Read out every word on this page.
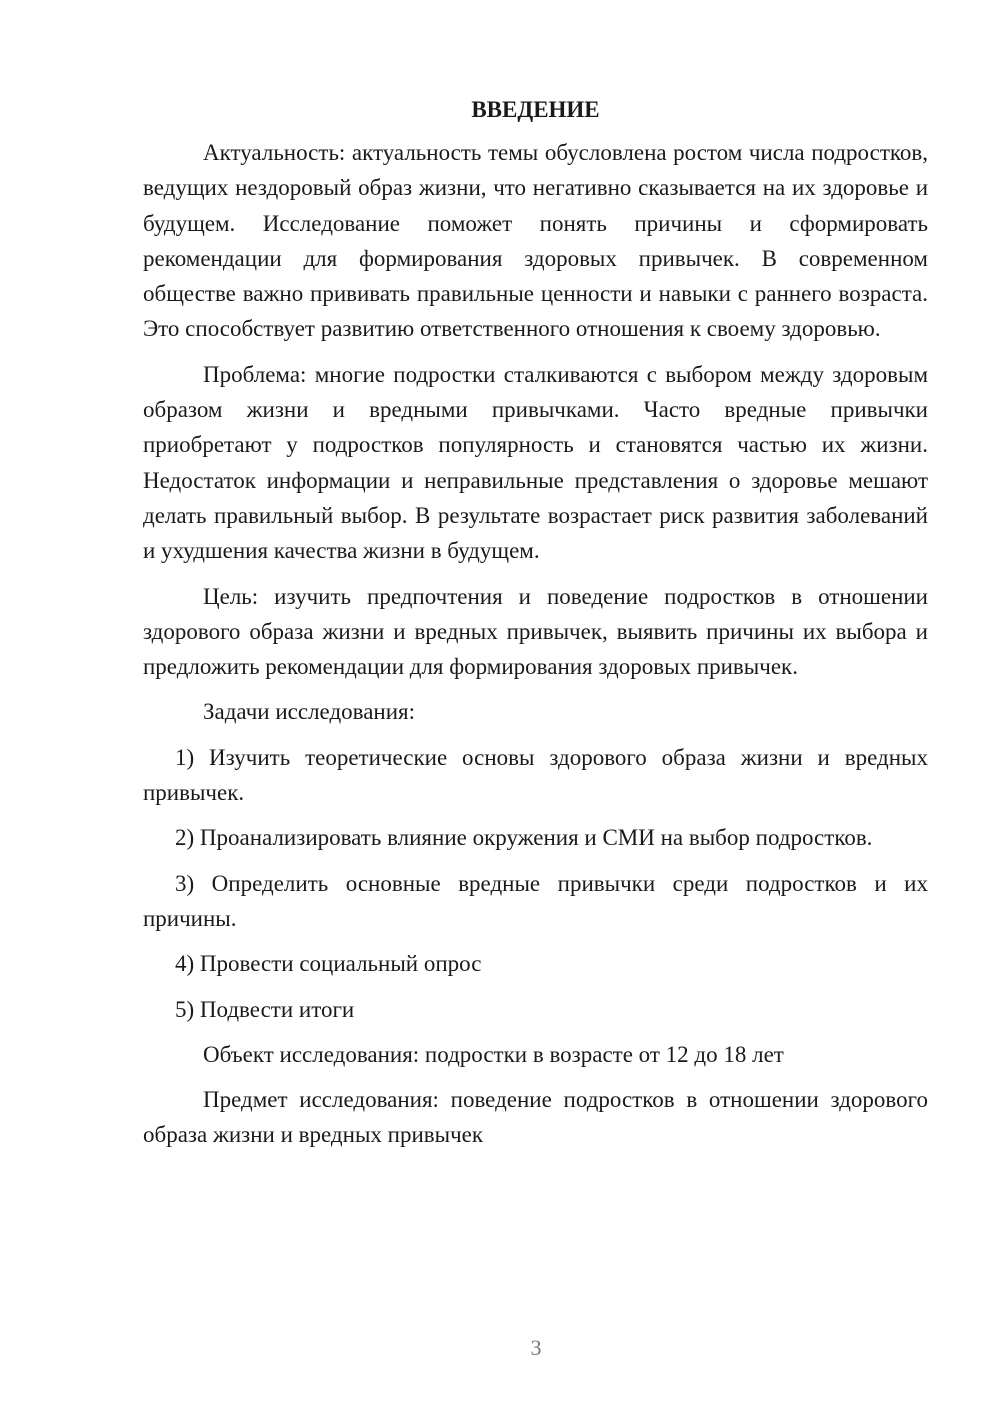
ВВЕДЕНИЕ

Актуальность: актуальность темы обусловлена ростом числа подростков, ведущих нездоровый образ жизни, что негативно сказывается на их здоровье и будущем. Исследование поможет понять причины и сформировать рекомендации для формирования здоровых привычек. В современном обществе важно прививать правильные ценности и навыки с раннего возраста. Это способствует развитию ответственного отношения к своему здоровью.

Проблема: многие подростки сталкиваются с выбором между здоровым образом жизни и вредными привычками. Часто вредные привычки приобретают у подростков популярность и становятся частью их жизни. Недостаток информации и неправильные представления о здоровье мешают делать правильный выбор. В результате возрастает риск развития заболеваний и ухудшения качества жизни в будущем.

Цель: изучить предпочтения и поведение подростков в отношении здорового образа жизни и вредных привычек, выявить причины их выбора и предложить рекомендации для формирования здоровых привычек.

Задачи исследования:

1) Изучить теоретические основы здорового образа жизни и вредных привычек.

2) Проанализировать влияние окружения и СМИ на выбор подростков.

3) Определить основные вредные привычки среди подростков и их причины.

4) Провести социальный опрос

5) Подвести итоги

Объект исследования: подростки в возрасте от 12 до 18 лет

Предмет исследования: поведение подростков в отношении здорового образа жизни и вредных привычек

3
